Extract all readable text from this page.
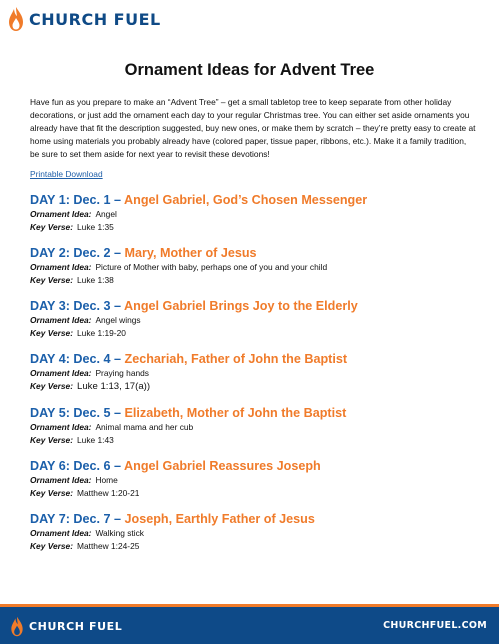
CHURCH FUEL
Ornament Ideas for Advent Tree
Have fun as you prepare to make an “Advent Tree” – get a small tabletop tree to keep separate from other holiday decorations, or just add the ornament each day to your regular Christmas tree. You can either set aside ornaments you already have that fit the description suggested, buy new ones, or make them by scratch – they’re pretty easy to create at home using materials you probably already have (colored paper, tissue paper, ribbons, etc.). Make it a family tradition, be sure to set them aside for next year to revisit these devotions!
Printable Download
DAY 1: Dec. 1 – Angel Gabriel, God’s Chosen Messenger
Ornament Idea: Angel
Key Verse: Luke 1:35
DAY 2: Dec. 2 – Mary, Mother of Jesus
Ornament Idea: Picture of Mother with baby, perhaps one of you and your child
Key Verse: Luke 1:38
DAY 3: Dec. 3 – Angel Gabriel Brings Joy to the Elderly
Ornament Idea: Angel wings
Key Verse: Luke 1:19-20
DAY 4: Dec. 4 – Zechariah, Father of John the Baptist
Ornament Idea: Praying hands
Key Verse: Luke 1:13, 17(a))
DAY 5: Dec. 5 – Elizabeth, Mother of John the Baptist
Ornament Idea: Animal mama and her cub
Key Verse: Luke 1:43
DAY 6: Dec. 6 – Angel Gabriel Reassures Joseph
Ornament Idea: Home
Key Verse: Matthew 1:20-21
DAY 7: Dec. 7 – Joseph, Earthly Father of Jesus
Ornament Idea: Walking stick
Key Verse: Matthew 1:24-25
CHURCH FUEL	CHURCHFUEL.COM
